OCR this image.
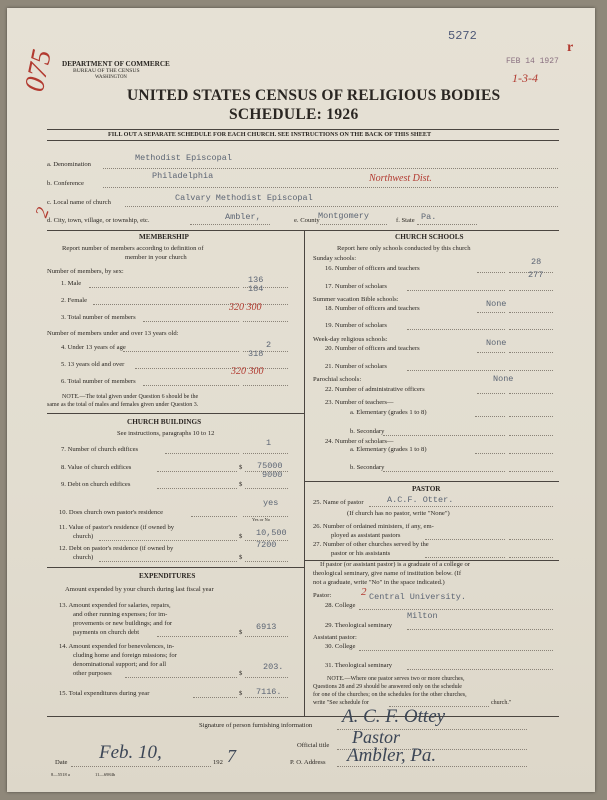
DEPARTMENT OF COMMERCE
BUREAU OF THE CENSUS
WASHINGTON
5272
FEB 14 1927
1-3-4
r
075
UNITED STATES CENSUS OF RELIGIOUS BODIES
SCHEDULE: 1926
FILL OUT A SEPARATE SCHEDULE FOR EACH CHURCH. SEE INSTRUCTIONS ON THE BACK OF THIS SHEET
a. Denomination
Methodist Episcopal
b. Conference
Philadelphia	Northwest Dist.
c. Local name of church	Calvary Methodist Episcopal
d. City, town, village, or township, etc.	Ambler,	e. County
Montgomery	f. State Pa.
2
MEMBERSHIP
Report number of members according to definition of
member in your church
Number of members, by sex:
1. Male	136
2. Female
184
3. Total number of members
320 300
Number of members under and over 13 years old:
4. Under 13 years of age	2
5. 13 years old and over
318
6. Total number of members
320 300
NOTE.—The total given under Question 6 should be the
same as the total of males and females given under Question 3.
CHURCH BUILDINGS
See instructions, paragraphs 10 to 12
7. Number of church edifices
1
8. Value of church edifices	$ 75000
9. Debt on church edifices	$
9000
10. Does church own pastor's residence
yes
Yes or No
11. Value of pastor's residence (if owned by
church)	$ 10,500
12. Debt on pastor's residence (if owned by
church)	$
7200
EXPENDITURES
Amount expended by your church during last fiscal year
13. Amount expended for salaries, repairs,
and other running expenses; for im-
provements or new buildings; and for
payments on church debt	$
6913
14. Amount expended for benevolences, in-
cluding home and foreign missions; for
denominational support; and for all
other purposes	$
203.
15. Total expenditures during year	$ 7116.
CHURCH SCHOOLS
Report here only schools conducted by this church
Sunday schools:
16. Number of officers and teachers
28
17. Number of scholars
277
Summer vacation Bible schools:
18. Number of officers and teachers	None
19. Number of scholars
Week-day religious schools:
20. Number of officers and teachers
None
21. Number of scholars
Parochial schools:
22. Number of administrative officers
None
23. Number of teachers—
a. Elementary (grades 1 to 8)
b. Secondary
24. Number of scholars—
a. Elementary (grades 1 to 8)
b. Secondary
PASTOR
25. Name of pastor	A.C.F. Otter.
(If church has no pastor, write "None")
26. Number of ordained ministers, if any, em-
ployed as assistant pastors
27. Number of other churches served by the
pastor or his assistants
If pastor (or assistant pastor) is a graduate of a college or
theological seminary, give name of institution below. (If
not a graduate, write "No" in the space indicated.)
Pastor:
28. College
Central University.
2
29. Theological seminary
Milton
Assistant pastor:
30. College
31. Theological seminary
NOTE.—Where one pastor serves two or more churches,
Questions 28 and 29 should be answered only on the schedule
for one of the churches; on the schedules for the other churches,
write "See schedule for	church."
Signature of person furnishing information A. C. F. Ottey
Official title Pastor
Date Feb. 10,	192 7	P. O. Address Ambler, Pa.
8—5518 a	11—6984b
